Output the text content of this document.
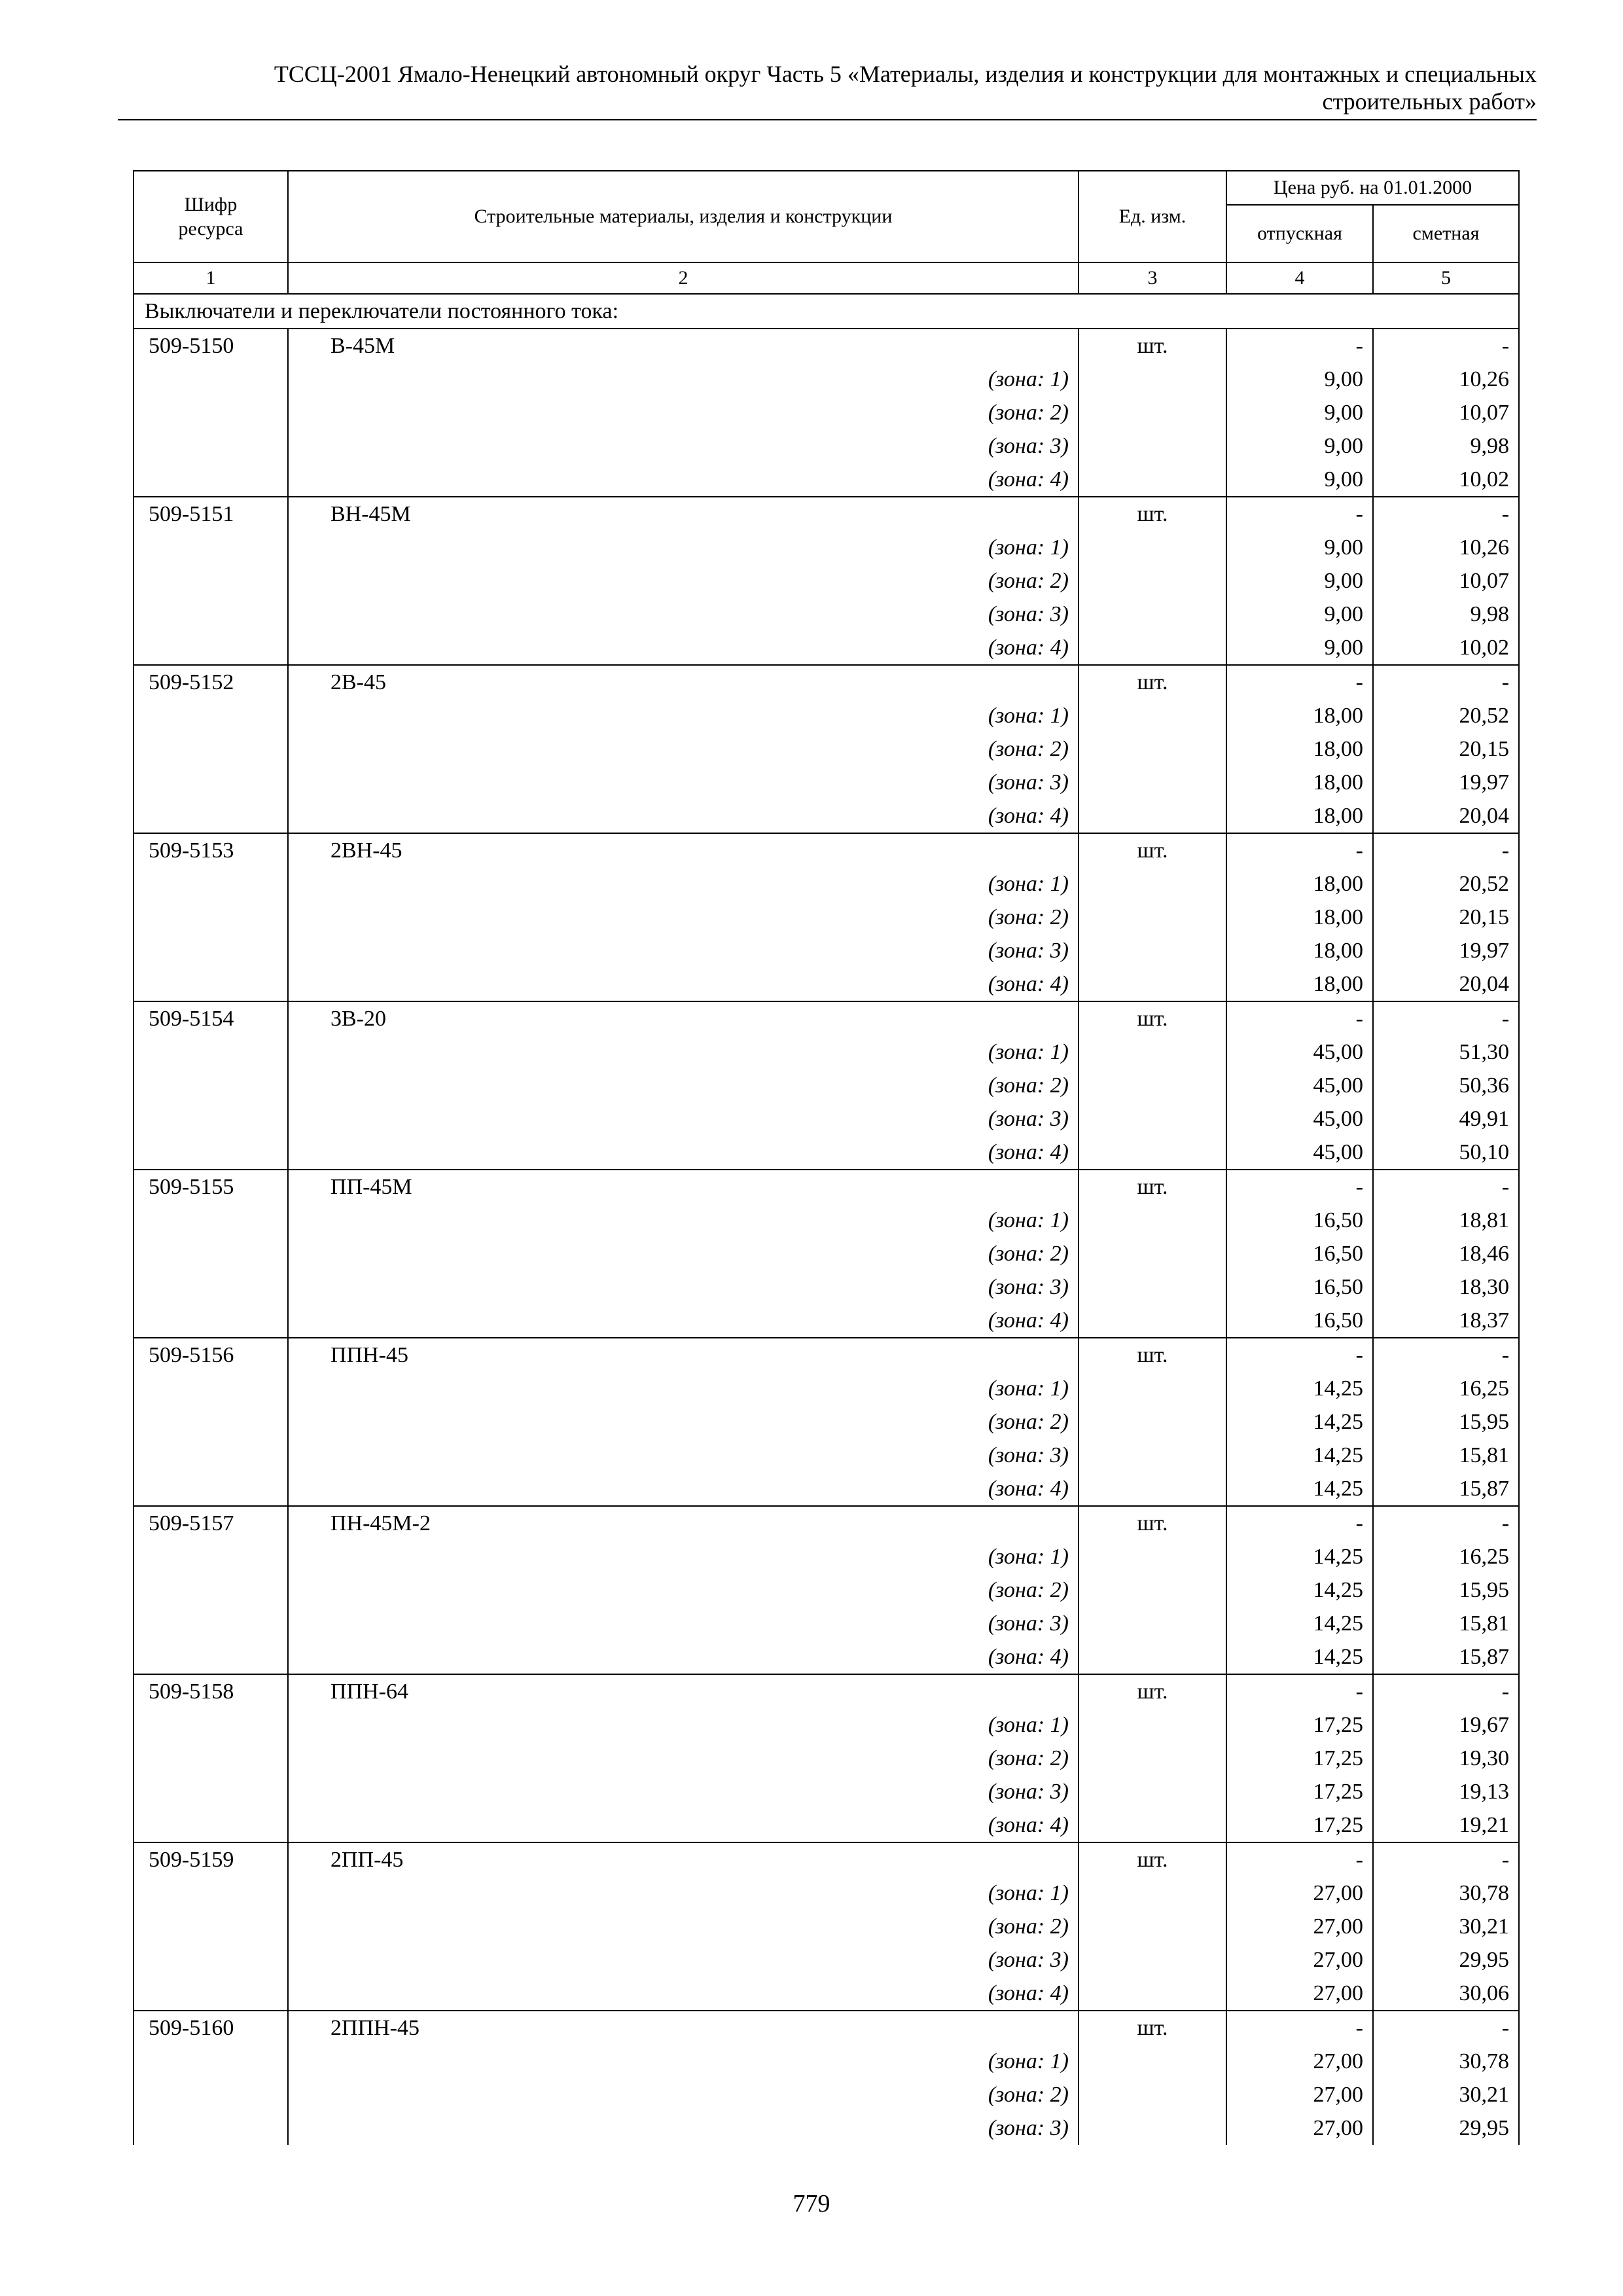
ТССЦ-2001 Ямало-Ненецкий автономный округ Часть 5 «Материалы, изделия и конструкции для монтажных и специальных
строительных работ»
Шифр ресурса	Строительные материалы, изделия и конструкции	Ед. изм.	Цена руб. на 01.01.2000	
			отпускная	сметная
1	2	3	4	5
Выключатели и переключатели постоянного тока:				
509-5150	В-45М	шт.	-	-
	(зона: 1)		9,00	10,26
	(зона: 2)		9,00	10,07
	(зона: 3)		9,00	9,98
	(зона: 4)		9,00	10,02
509-5151	ВН-45М	шт.	-	-
	(зона: 1)		9,00	10,26
	(зона: 2)		9,00	10,07
	(зона: 3)		9,00	9,98
	(зона: 4)		9,00	10,02
509-5152	2В-45	шт.	-	-
	(зона: 1)		18,00	20,52
	(зона: 2)		18,00	20,15
	(зона: 3)		18,00	19,97
	(зона: 4)		18,00	20,04
509-5153	2ВН-45	шт.	-	-
	(зона: 1)		18,00	20,52
	(зона: 2)		18,00	20,15
	(зона: 3)		18,00	19,97
	(зона: 4)		18,00	20,04
509-5154	3В-20	шт.	-	-
	(зона: 1)		45,00	51,30
	(зона: 2)		45,00	50,36
	(зона: 3)		45,00	49,91
	(зона: 4)		45,00	50,10
509-5155	ПП-45М	шт.	-	-
	(зона: 1)		16,50	18,81
	(зона: 2)		16,50	18,46
	(зона: 3)		16,50	18,30
	(зона: 4)		16,50	18,37
509-5156	ППН-45	шт.	-	-
	(зона: 1)		14,25	16,25
	(зона: 2)		14,25	15,95
	(зона: 3)		14,25	15,81
	(зона: 4)		14,25	15,87
509-5157	ПН-45М-2	шт.	-	-
	(зона: 1)		14,25	16,25
	(зона: 2)		14,25	15,95
	(зона: 3)		14,25	15,81
	(зона: 4)		14,25	15,87
509-5158	ППН-64	шт.	-	-
	(зона: 1)		17,25	19,67
	(зона: 2)		17,25	19,30
	(зона: 3)		17,25	19,13
	(зона: 4)		17,25	19,21
509-5159	2ПП-45	шт.	-	-
	(зона: 1)		27,00	30,78
	(зона: 2)		27,00	30,21
	(зона: 3)		27,00	29,95
	(зона: 4)		27,00	30,06
509-5160	2ППН-45	шт.	-	-
	(зона: 1)		27,00	30,78
	(зона: 2)		27,00	30,21
	(зона: 3)		27,00	29,95
779
